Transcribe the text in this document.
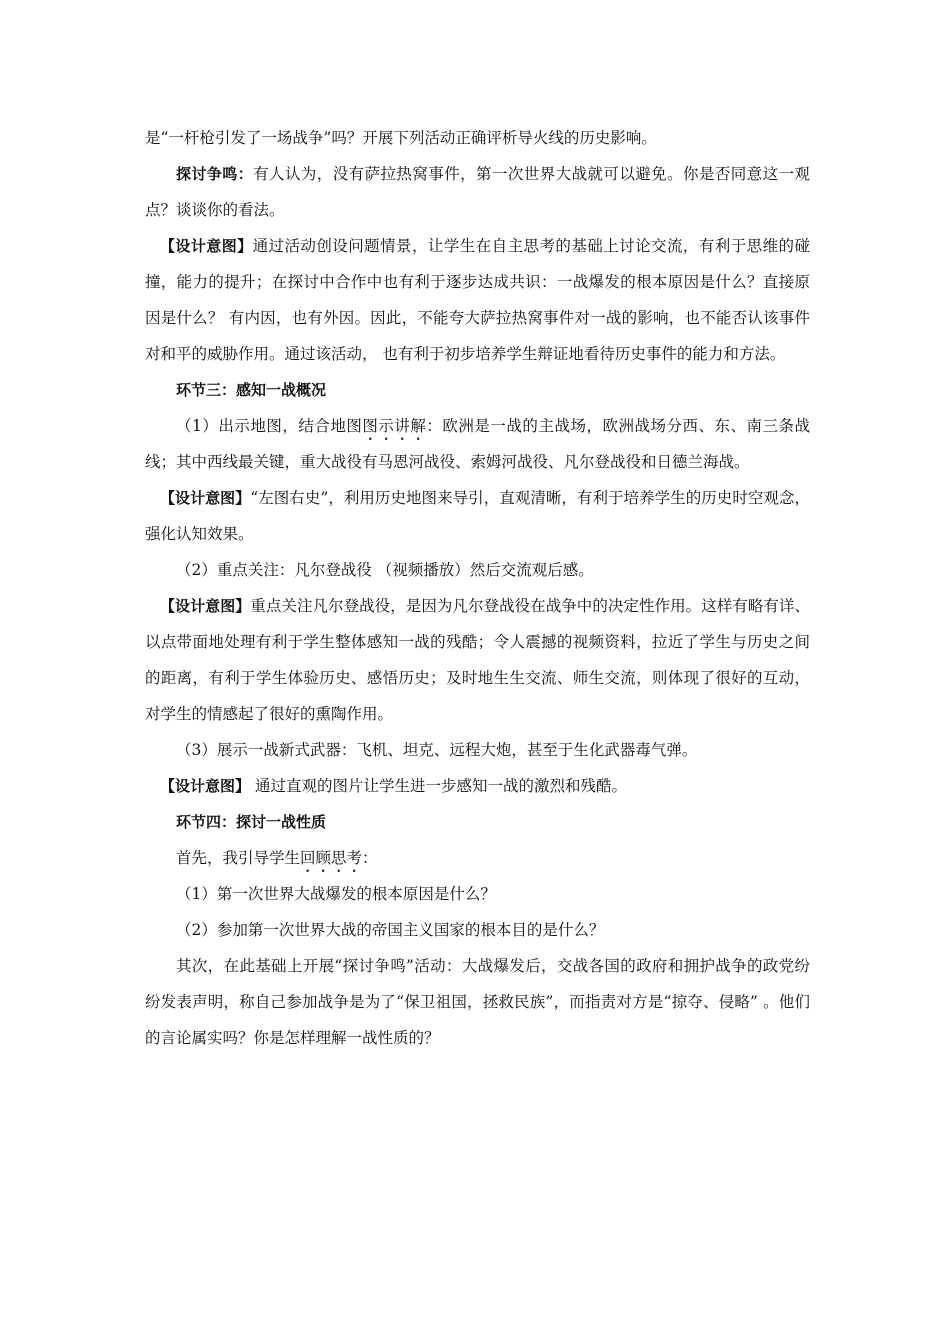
是“一杆枪引发了一场战争”吗？开展下列活动正确评析导火线的历史影响。

探讨争鸣：有人认为，没有萨拉热窝事件，第一次世界大战就可以避免。你是否同意这一观点？谈谈你的看法。

【设计意图】通过活动创设问题情景，让学生在自主思考的基础上讨论交流，有利于思维的碰撞，能力的提升；在探讨中合作中也有利于逐步达成共识：一战爆发的根本原因是什么？直接原因是什么？ 有内因，也有外因。因此，不能夸大萨拉热窝事件对一战的影响，也不能否认该事件对和平的威胁作用。通过该活动， 也有利于初步培养学生辩证地看待历史事件的能力和方法。

环节三：感知一战概况

（1）出示地图，结合地图图示讲解：欧洲是一战的主战场，欧洲战场分西、东、南三条战线；其中西线最关键，重大战役有马恩河战役、索姆河战役、凡尔登战役和日德兰海战。

【设计意图】“左图右史”，利用历史地图来导引，直观清晰，有利于培养学生的历史时空观念，强化认知效果。

（2）重点关注：凡尔登战役 （视频播放）然后交流观后感。

【设计意图】重点关注凡尔登战役，是因为凡尔登战役在战争中的决定性作用。这样有略有详、以点带面地处理有利于学生整体感知一战的残酷；令人震撼的视频资料，拉近了学生与历史之间的距离，有利于学生体验历史、感悟历史；及时地生生交流、师生交流，则体现了很好的互动，对学生的情感起了很好的熏陶作用。

（3）展示一战新式武器：飞机、坦克、远程大炮，甚至于生化武器毒气弹。

【设计意图】 通过直观的图片让学生进一步感知一战的激烈和残酷。

环节四：探讨一战性质

首先，我引导学生回顾思考：

（1）第一次世界大战爆发的根本原因是什么？

（2）参加第一次世界大战的帝国主义国家的根本目的是什么？

其次，在此基础上开展“探讨争鸣”活动：大战爆发后，交战各国的政府和拥护战争的政党纷纷发表声明，称自己参加战争是为了“保卫祖国，拯救民族”，而指责对方是“掠夺、侵略” 。他们的言论属实吗？你是怎样理解一战性质的？
